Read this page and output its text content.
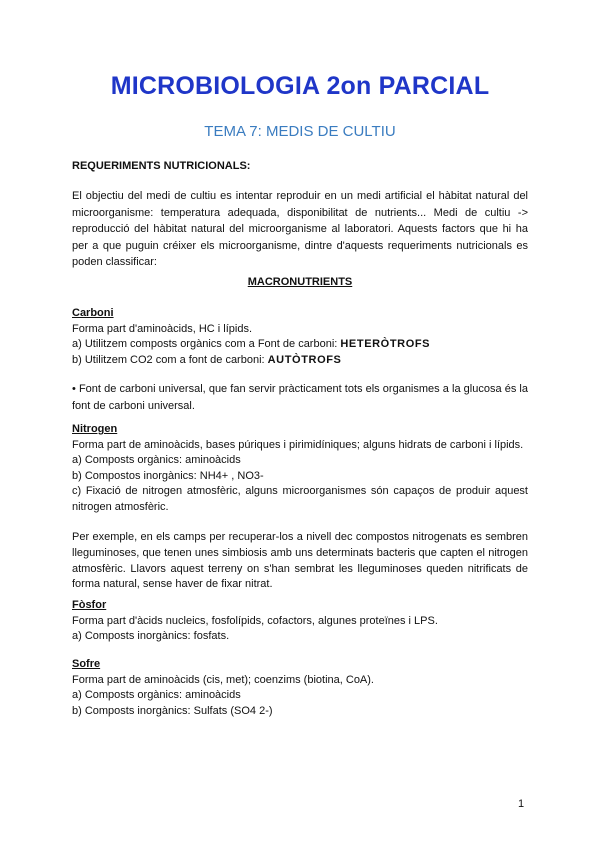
MICROBIOLOGIA 2on PARCIAL
TEMA 7: MEDIS DE CULTIU
REQUERIMENTS NUTRICIONALS:

El objectiu del medi de cultiu es intentar reproduir en un medi artificial el hàbitat natural del microorganisme: temperatura adequada, disponibilitat de nutrients... Medi de cultiu -> reproducció del hàbitat natural del microorganisme al laboratori. Aquests factors que hi ha per a que puguin créixer els microorganisme, dintre d'aquests requeriments nutricionals es poden classificar:

MACRONUTRIENTS
Carboni
Forma part d'aminoàcids, HC i lípids.
a) Utilitzem composts orgànics com a Font de carboni: HETERÒTROFS
b) Utilitzem CO2 com a font de carboni: AUTÒTROFS
• Font de carboni universal, que fan servir pràcticament tots els organismes a la glucosa és la font de carboni universal.
Nitrogen
Forma part de aminoàcids, bases púriques i pirimidíniques; alguns hidrats de carboni i lípids.
a) Composts orgànics: aminoàcids
b) Compostos inorgànics: NH4+ , NO3-
c) Fixació de nitrogen atmosfèric, alguns microorganismes són capaços de produir aquest nitrogen atmosfèric.
Per exemple, en els camps per recuperar-los a nivell dec compostos nitrogenats es sembren lleguminoses, que tenen unes simbiosis amb uns determinats bacteris que capten el nitrogen atmosfèric. Llavors aquest terreny on s'han sembrat les lleguminoses queden nitrificats de forma natural, sense haver de fixar nitrat.
Fòsfor
Forma part d'àcids nucleics, fosfolípids, cofactors, algunes proteïnes i LPS.
a) Composts inorgànics: fosfats.
Sofre
Forma part de aminoàcids (cis, met); coenzims (biotina, CoA).
a) Composts orgànics: aminoàcids
b) Composts inorgànics: Sulfats (SO4 2-)
1
